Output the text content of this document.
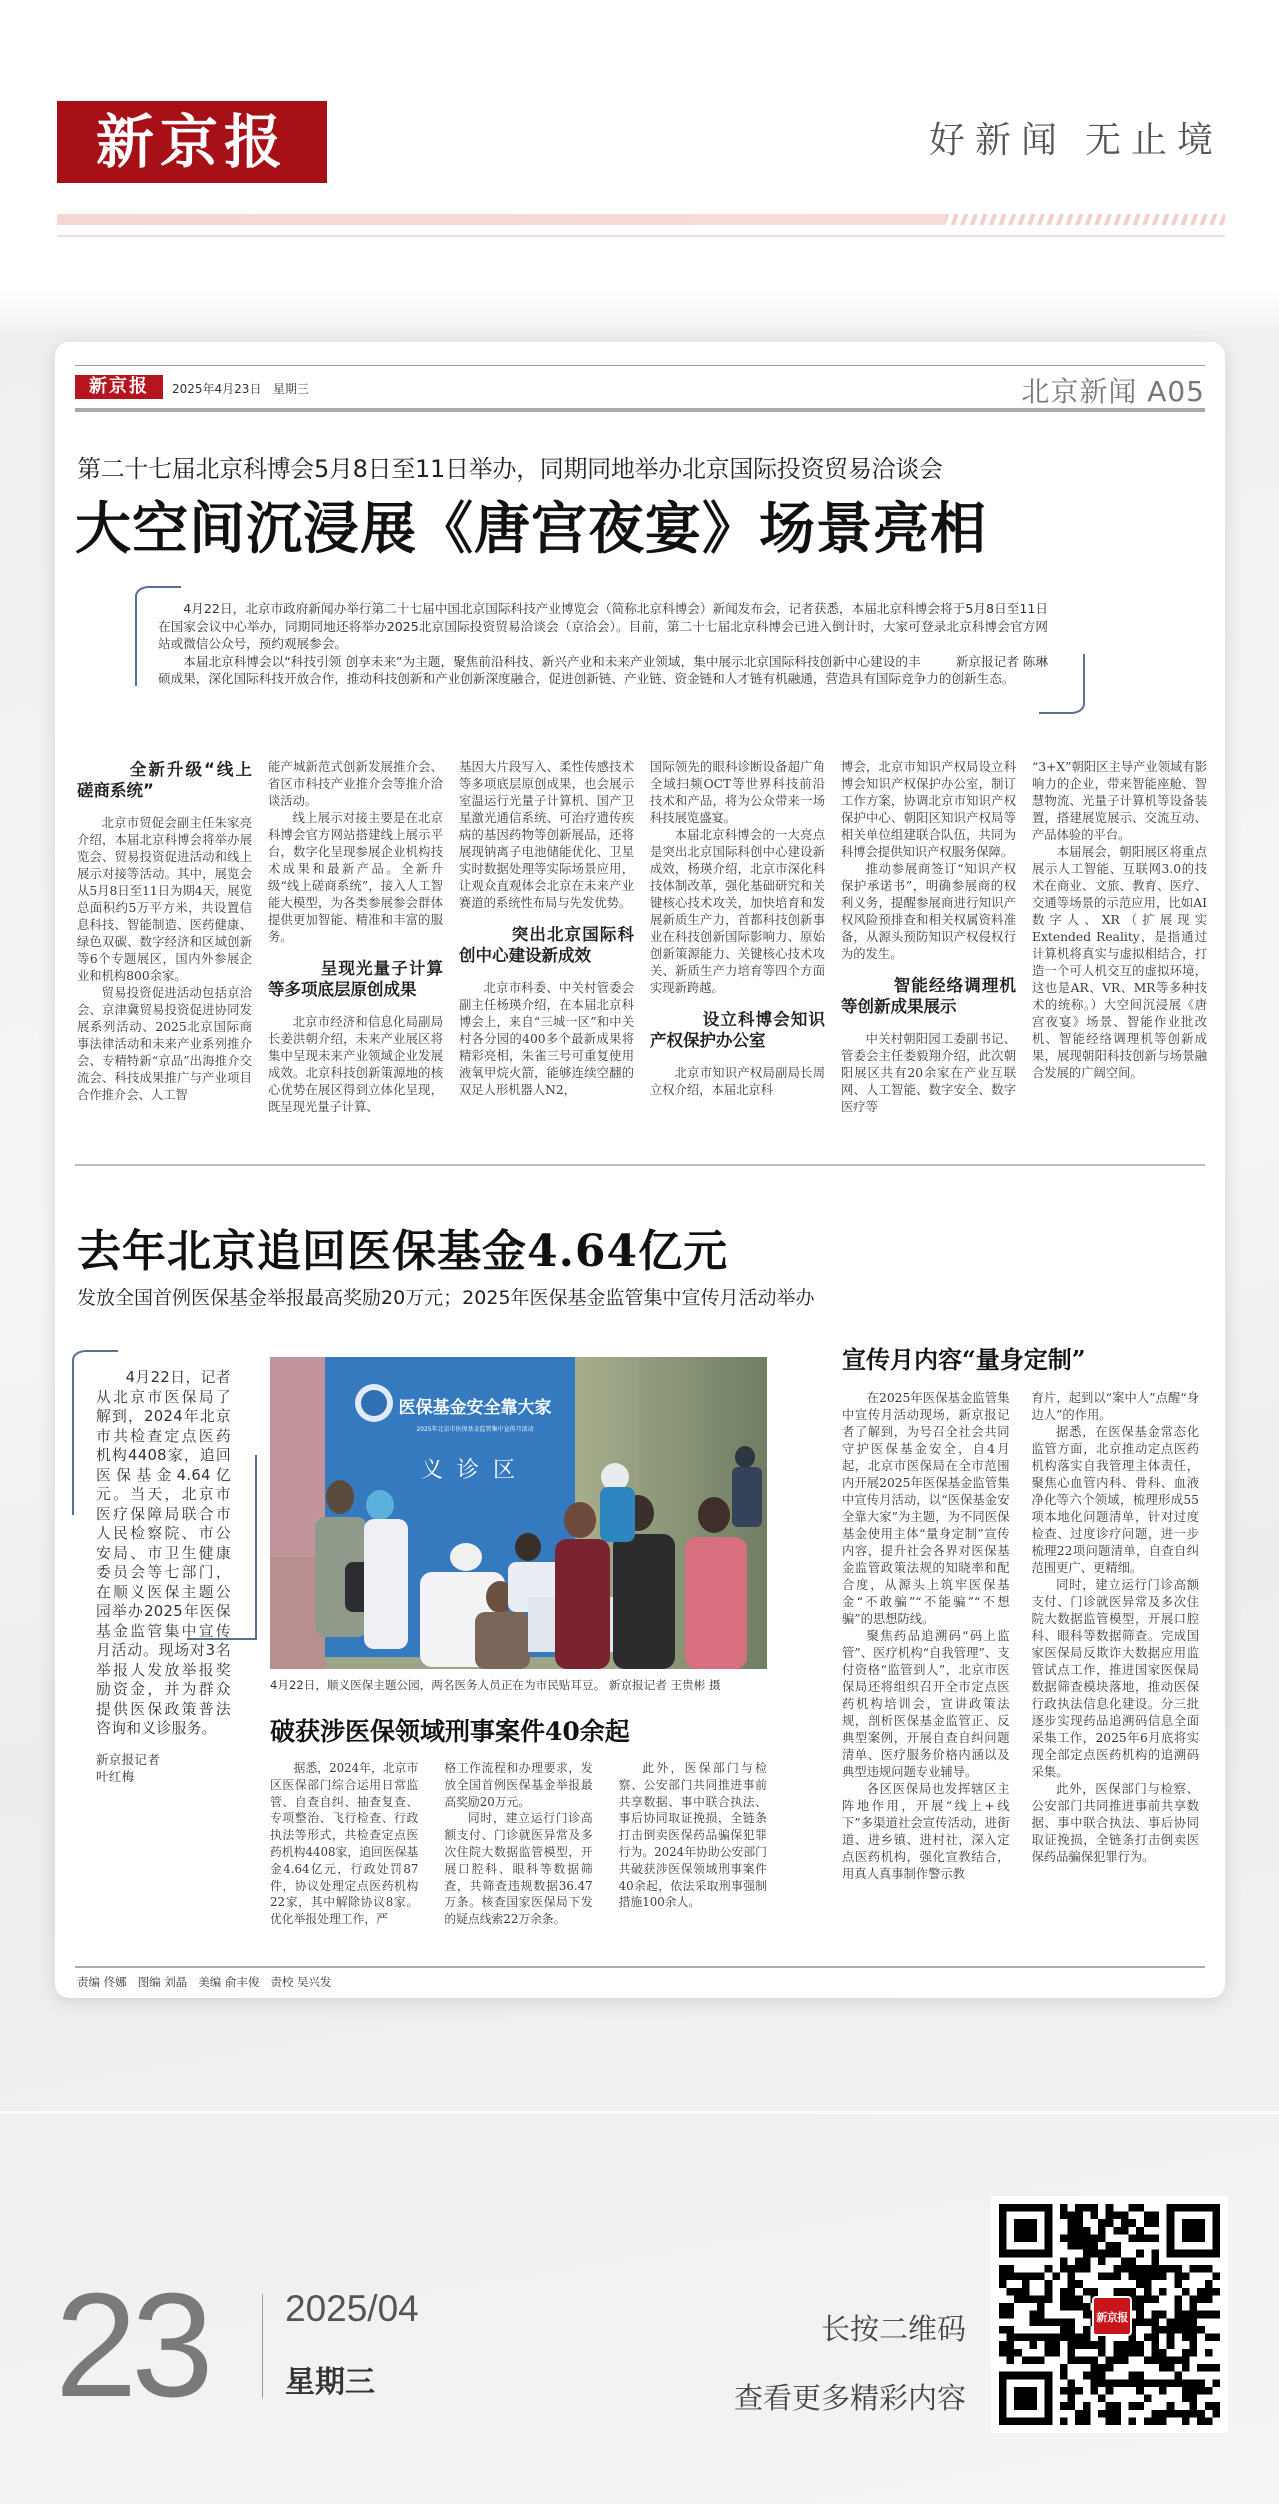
新京报	好新闻 无止境
新京报	2025年4月23日   星期三	北京新闻 A05
第二十七届北京科博会5月8日至11日举办，同期同地举办北京国际投资贸易洽谈会
大空间沉浸展《唐宫夜宴》场景亮相

4月22日，北京市政府新闻办举行第二十七届中国北京国际科技产业博览会（简称北京科博会）新闻发布会，记者获悉，本届北京科博会将于5月8日至11日在国家会议中心举办，同期同地还将举办2025北京国际投资贸易洽谈会（京洽会）。目前，第二十七届北京科博会已进入倒计时，大家可登录北京科博会官方网站或微信公众号，预约观展参会。

新京报记者 陈琳
本届北京科博会以“科技引领 创享未来”为主题，聚焦前沿科技、新兴产业和未来产业领域，集中展示北京国际科技创新中心建设的丰硕成果，深化国际科技开放合作，推动科技创新和产业创新深度融合，促进创新链、产业链、资金链和人才链有机融通，营造具有国际竞争力的创新生态。

全新升级“线上磋商系统”

北京市贸促会副主任朱家亮介绍，本届北京科博会将举办展览会、贸易投资促进活动和线上展示对接等活动。其中，展览会从5月8日至11日为期4天，展览总面积约5万平方米，共设置信息科技、智能制造、医药健康、绿色双碳、数字经济和区域创新等6个专题展区，国内外参展企业和机构800余家。

贸易投资促进活动包括京洽会、京津冀贸易投资促进协同发展系列活动、2025北京国际商事法律活动和未来产业系列推介会、专精特新“京品”出海推介交流会、科技成果推广与产业项目合作推介会、人工智

能产城新范式创新发展推介会、省区市科技产业推介会等推介洽谈活动。

线上展示对接主要是在北京科博会官方网站搭建线上展示平台，数字化呈现参展企业机构技术成果和最新产品。全新升级“线上磋商系统”，接入人工智能大模型，为各类参展参会群体提供更加智能、精准和丰富的服务。

呈现光量子计算等多项底层原创成果

北京市经济和信息化局副局长姜洪朝介绍，未来产业展区将集中呈现未来产业领域企业发展成效。北京科技创新策源地的核心优势在展区得到立体化呈现，既呈现光量子计算、

基因大片段写入、柔性传感技术等多项底层原创成果，也会展示室温运行光量子计算机、国产卫星激光通信系统、可治疗遗传疾病的基因药物等创新展品，还将展现钠离子电池储能优化、卫星实时数据处理等实际场景应用，让观众直观体会北京在未来产业赛道的系统性布局与先发优势。

突出北京国际科创中心建设新成效

北京市科委、中关村管委会副主任杨瑛介绍，在本届北京科博会上，来自“三城一区”和中关村各分园的400多个最新成果将精彩亮相，朱雀三号可重复使用液氧甲烷火箭，能够连续空翻的双足人形机器人N2，

国际领先的眼科诊断设备超广角全域扫频OCT等世界科技前沿技术和产品，将为公众带来一场科技展览盛宴。

本届北京科博会的一大亮点是突出北京国际科创中心建设新成效，杨瑛介绍，北京市深化科技体制改革，强化基础研究和关键核心技术攻关，加快培育和发展新质生产力，首都科技创新事业在科技创新国际影响力、原始创新策源能力、关键核心技术攻关、新质生产力培育等四个方面实现新跨越。

设立科博会知识产权保护办公室

北京市知识产权局副局长周立权介绍，本届北京科

博会，北京市知识产权局设立科博会知识产权保护办公室，制订工作方案，协调北京市知识产权保护中心、朝阳区知识产权局等相关单位组建联合队伍，共同为科博会提供知识产权服务保障。

推动参展商签订“知识产权保护承诺书”，明确参展商的权利义务，提醒参展商进行知识产权风险预排查和相关权属资料准备，从源头预防知识产权侵权行为的发生。

智能经络调理机等创新成果展示

中关村朝阳园工委副书记、管委会主任娄毅翔介绍，此次朝阳展区共有20余家在产业互联网、人工智能、数字安全、数字医疗等

“3+X”朝阳区主导产业领域有影响力的企业，带来智能座舱、智慧物流、光量子计算机等设备装置，搭建展览展示、交流互动、产品体验的平台。

本届展会，朝阳展区将重点展示人工智能、互联网3.0的技术在商业、文旅、教育、医疗、交通等场景的示范应用，比如AI数字人、XR（扩展现实 Extended Reality，是指通过计算机将真实与虚拟相结合，打造一个可人机交互的虚拟环境，这也是AR、VR、MR等多种技术的统称。）大空间沉浸展《唐宫夜宴》场景、智能作业批改机、智能经络调理机等创新成果，展现朝阳科技创新与场景融合发展的广阔空间。

去年北京追回医保基金4.64亿元
发放全国首例医保基金举报最高奖励20万元；2025年医保基金监管集中宣传月活动举办

4月22日，记者从北京市医保局了解到，2024年北京市共检查定点医药机构4408家，追回医保基金4.64亿元。当天，北京市医疗保障局联合市人民检察院、市公安局、市卫生健康委员会等七部门，在顺义医保主题公园举办2025年医保基金监管集中宣传月活动。现场对3名举报人发放举报奖励资金，并为群众提供医保政策普法咨询和义诊服务。

新京报记者
叶红梅
医保基金安全靠大家
2025年北京市医保基金监管集中宣传月活动
义诊区
4月22日，顺义医保主题公园，两名医务人员正在为市民贴耳豆。 新京报记者 王贵彬 摄
破获涉医保领域刑事案件40余起

据悉，2024年，北京市区医保部门综合运用日常监管、自查自纠、抽查复查、专项整治、飞行检查、行政执法等形式，共检查定点医药机构4408家，追回医保基金4.64亿元，行政处罚87件，协议处理定点医药机构22家，其中解除协议8家。优化举报处理工作，严

格工作流程和办理要求，发放全国首例医保基金举报最高奖励20万元。

同时，建立运行门诊高额支付、门诊就医异常及多次住院大数据监管模型，开展口腔科、眼科等数据筛查，共筛查违规数据36.47万条。核查国家医保局下发的疑点线索22万余条。

此外，医保部门与检察、公安部门共同推进事前共享数据、事中联合执法、事后协同取证挽损，全链条打击倒卖医保药品骗保犯罪行为。2024年协助公安部门共破获涉医保领域刑事案件40余起，依法采取刑事强制措施100余人。

宣传月内容“量身定制”

在2025年医保基金监管集中宣传月活动现场，新京报记者了解到，为号召全社会共同守护医保基金安全，自4月起，北京市医保局在全市范围内开展2025年医保基金监管集中宣传月活动，以“医保基金安全靠大家”为主题，为不同医保基金使用主体“量身定制”宣传内容，提升社会各界对医保基金监管政策法规的知晓率和配合度，从源头上筑牢医保基金“不敢骗”“不能骗”“不想骗”的思想防线。

聚焦药品追溯码“码上监管”、医疗机构“自我管理”、支付资格“监管到人”，北京市医保局还将组织召开全市定点医药机构培训会，宣讲政策法规，剖析医保基金监管正、反典型案例，开展自查自纠问题清单、医疗服务价格内涵以及典型违规问题专业辅导。

各区医保局也发挥辖区主阵地作用，开展“线上+线下”多渠道社会宣传活动，进街道、进乡镇、进村社，深入定点医药机构，强化宣教结合，用真人真事制作警示教

育片，起到以“案中人”点醒“身边人”的作用。

据悉，在医保基金常态化监管方面，北京推动定点医药机构落实自我管理主体责任，聚焦心血管内科、骨科、血液净化等六个领域，梳理形成55项本地化问题清单，针对过度检查、过度诊疗问题，进一步梳理22项问题清单，自查自纠范围更广、更精细。

同时，建立运行门诊高额支付、门诊就医异常及多次住院大数据监管模型，开展口腔科、眼科等数据筛查。完成国家医保局反欺诈大数据应用监管试点工作，推进国家医保局数据筛查模块落地，推动医保行政执法信息化建设。分三批逐步实现药品追溯码信息全面采集工作，2025年6月底将实现全部定点医药机构的追溯码采集。

此外，医保部门与检察、公安部门共同推进事前共享数据、事中联合执法、事后协同取证挽损，全链条打击倒卖医保药品骗保犯罪行为。

责编 佟娜   图编 刘晶   美编 俞丰俊   责校 吴兴发
23 2025/04
星期三
长按二维码
查看更多精彩内容
新京报
